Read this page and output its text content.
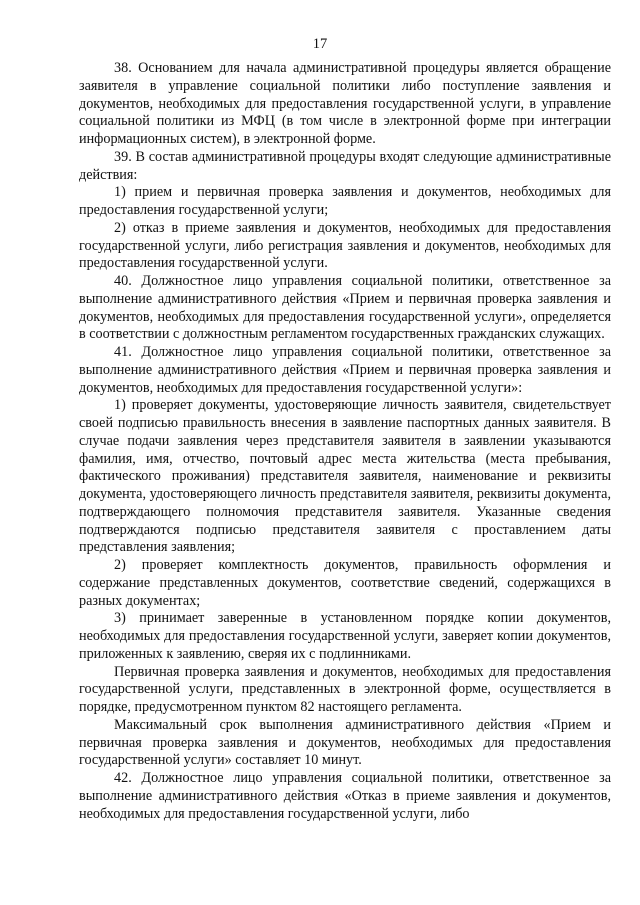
17

38. Основанием для начала административной процедуры является обращение заявителя в управление социальной политики либо поступление заявления и документов, необходимых для предоставления государственной услуги, в управление социальной политики из МФЦ (в том числе в электронной форме при интеграции информационных систем), в электронной форме.

39. В состав административной процедуры входят следующие административные действия:

1) прием и первичная проверка заявления и документов, необходимых для предоставления государственной услуги;

2) отказ в приеме заявления и документов, необходимых для предоставления государственной услуги, либо регистрация заявления и документов, необходимых для предоставления государственной услуги.

40. Должностное лицо управления социальной политики, ответственное за выполнение административного действия «Прием и первичная проверка заявления и документов, необходимых для предоставления государственной услуги», определяется в соответствии с должностным регламентом государственных гражданских служащих.

41. Должностное лицо управления социальной политики, ответственное за выполнение административного действия «Прием и первичная проверка заявления и документов, необходимых для предоставления государственной услуги»:

1) проверяет документы, удостоверяющие личность заявителя, свидетельствует своей подписью правильность внесения в заявление паспортных данных заявителя. В случае подачи заявления через представителя заявителя в заявлении указываются фамилия, имя, отчество, почтовый адрес места жительства (места пребывания, фактического проживания) представителя заявителя, наименование и реквизиты документа, удостоверяющего личность представителя заявителя, реквизиты документа, подтверждающего полномочия представителя заявителя. Указанные сведения подтверждаются подписью представителя заявителя с проставлением даты представления заявления;

2) проверяет комплектность документов, правильность оформления и содержание представленных документов, соответствие сведений, содержащихся в разных документах;

3) принимает заверенные в установленном порядке копии документов, необходимых для предоставления государственной услуги, заверяет копии документов, приложенных к заявлению, сверяя их с подлинниками.

Первичная проверка заявления и документов, необходимых для предоставления государственной услуги, представленных в электронной форме, осуществляется в порядке, предусмотренном пунктом 82 настоящего регламента.

Максимальный срок выполнения административного действия «Прием и первичная проверка заявления и документов, необходимых для предоставления государственной услуги» составляет 10 минут.

42. Должностное лицо управления социальной политики, ответственное за выполнение административного действия «Отказ в приеме заявления и документов, необходимых для предоставления государственной услуги, либо
